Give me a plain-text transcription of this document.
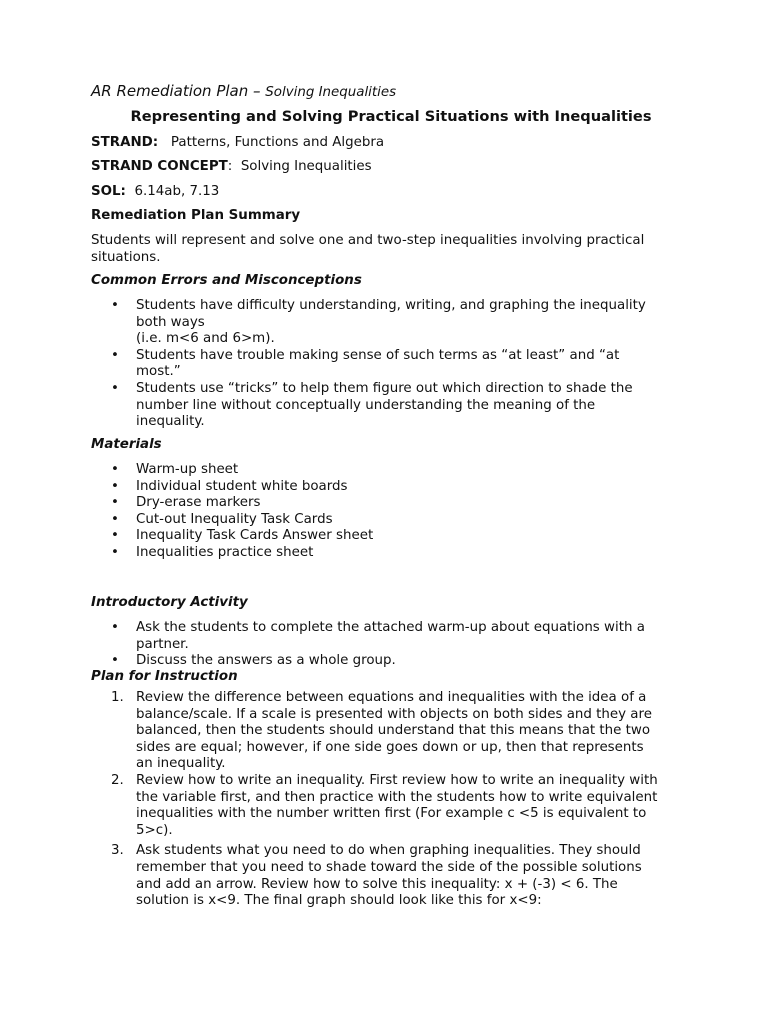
AR Remediation Plan – Solving Inequalities
Representing and Solving Practical Situations with Inequalities
STRAND: Patterns, Functions and Algebra
STRAND CONCEPT:  Solving Inequalities
SOL: 6.14ab, 7.13
Remediation Plan Summary
Students will represent and solve one and two-step inequalities involving practical
situations.
Common Errors and Misconceptions
• Students have difficulty understanding, writing, and graphing the inequality
both ways
(i.e. m<6 and 6>m).
• Students have trouble making sense of such terms as “at least” and “at
most.”
• Students use “tricks” to help them figure out which direction to shade the
number line without conceptually understanding the meaning of the
inequality.
Materials
• Warm-up sheet
• Individual student white boards
• Dry-erase markers
• Cut-out Inequality Task Cards
• Inequality Task Cards Answer sheet
• Inequalities practice sheet
Introductory Activity
• Ask the students to complete the attached warm-up about equations with a
partner.
• Discuss the answers as a whole group.
Plan for Instruction
1. Review the difference between equations and inequalities with the idea of a
balance/scale. If a scale is presented with objects on both sides and they are
balanced, then the students should understand that this means that the two
sides are equal; however, if one side goes down or up, then that represents
an inequality.
2. Review how to write an inequality. First review how to write an inequality with
the variable first, and then practice with the students how to write equivalent
inequalities with the number written first (For example c <5 is equivalent to
5>c).
3. Ask students what you need to do when graphing inequalities. They should
remember that you need to shade toward the side of the possible solutions
and add an arrow. Review how to solve this inequality: x + (-3) < 6. The
solution is x<9. The final graph should look like this for x<9:
